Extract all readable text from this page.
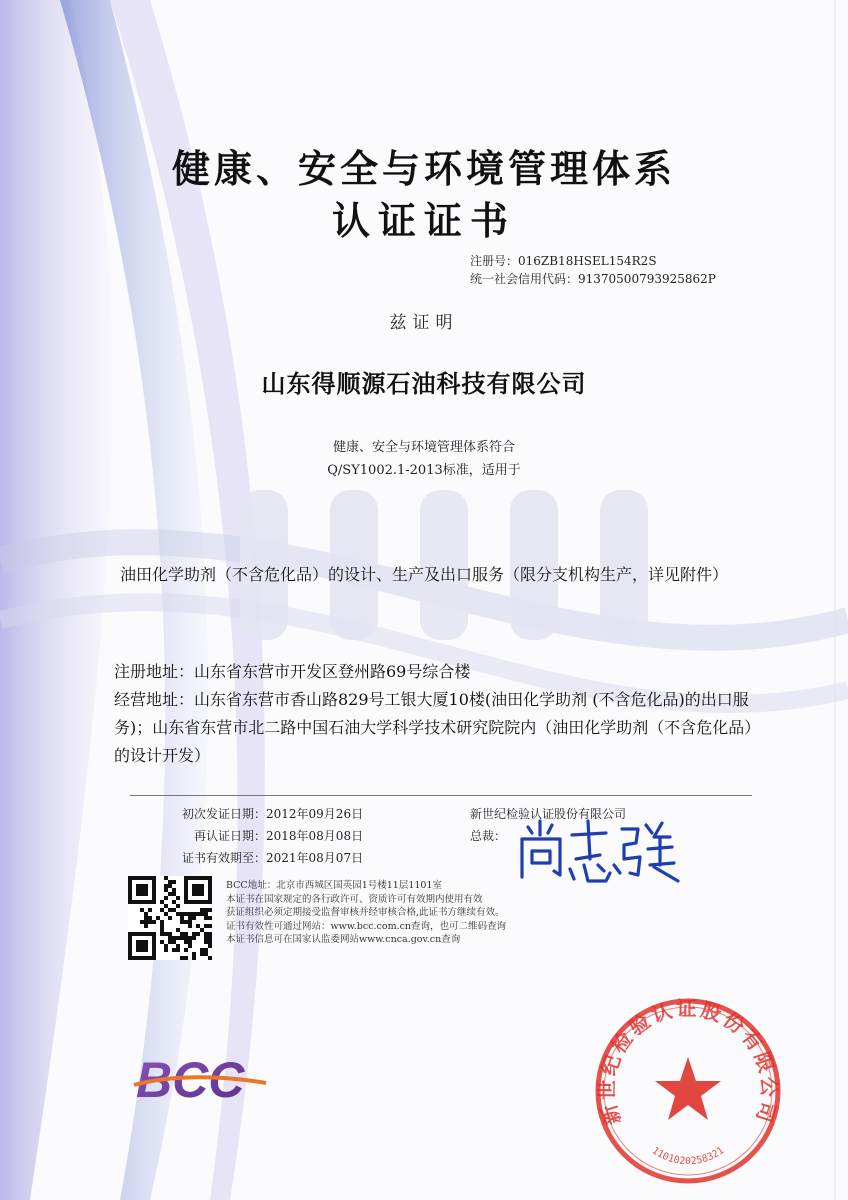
健康、安全与环境管理体系
认证证书
注册号：016ZB18HSEL154R2S
统一社会信用代码：91370500793925862P
兹证明
山东得顺源石油科技有限公司
健康、安全与环境管理体系符合
Q/SY1002.1-2013标准，适用于
油田化学助剂（不含危化品）的设计、生产及出口服务（限分支机构生产，详见附件）
注册地址：山东省东营市开发区登州路69号综合楼
经营地址：山东省东营市香山路829号工银大厦10楼(油田化学助剂 (不含危化品)的出口服务)；山东省东营市北二路中国石油大学科学技术研究院院内（油田化学助剂（不含危化品）的设计开发）
初次发证日期： 2012年09月26日
再认证日期： 2018年08月08日
证书有效期至： 2021年08月07日
新世纪检验认证股份有限公司
总裁：
BCC地址：北京市西城区国英园1号楼11层1101室
本证书在国家规定的各行政许可、资质许可有效期内使用有效
获证组织必须定期接受监督审核并经审核合格,此证书方继续有效。
证书有效性可通过网站：www.bcc.com.cn查询，也可二维码查询
本证书信息可在国家认监委网站www.cnca.gov.cn查询
BCC
新世纪检验认证股份有限公司
1101020258321
